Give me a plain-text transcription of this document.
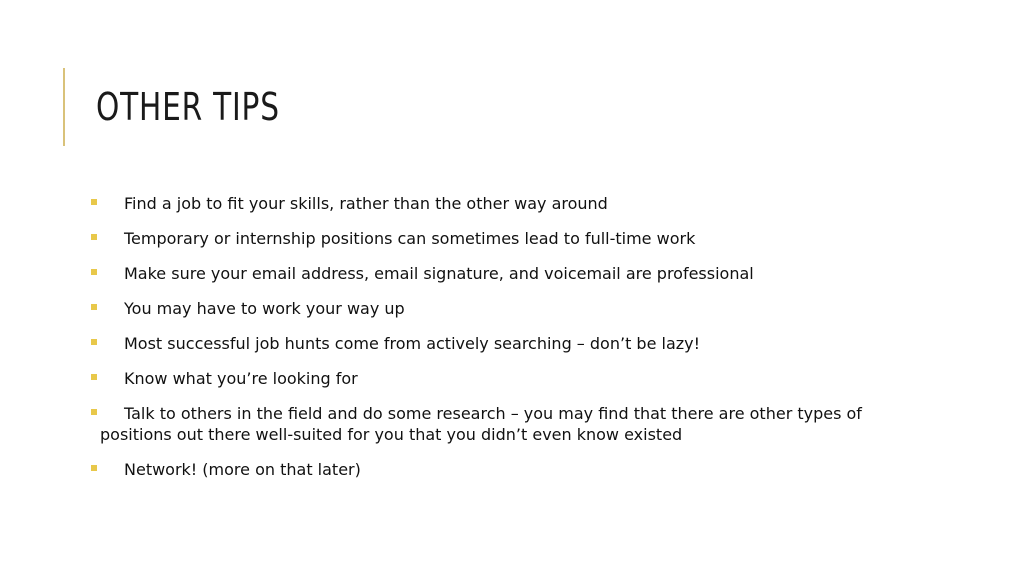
OTHER TIPS
Find a job to fit your skills, rather than the other way around
Temporary or internship positions can sometimes lead to full-time work
Make sure your email address, email signature, and voicemail are professional
You may have to work your way up
Most successful job hunts come from actively searching – don’t be lazy!
Know what you’re looking for
Talk to others in the field and do some research – you may find that there are other types of positions out there well-suited for you that you didn’t even know existed
Network! (more on that later)
